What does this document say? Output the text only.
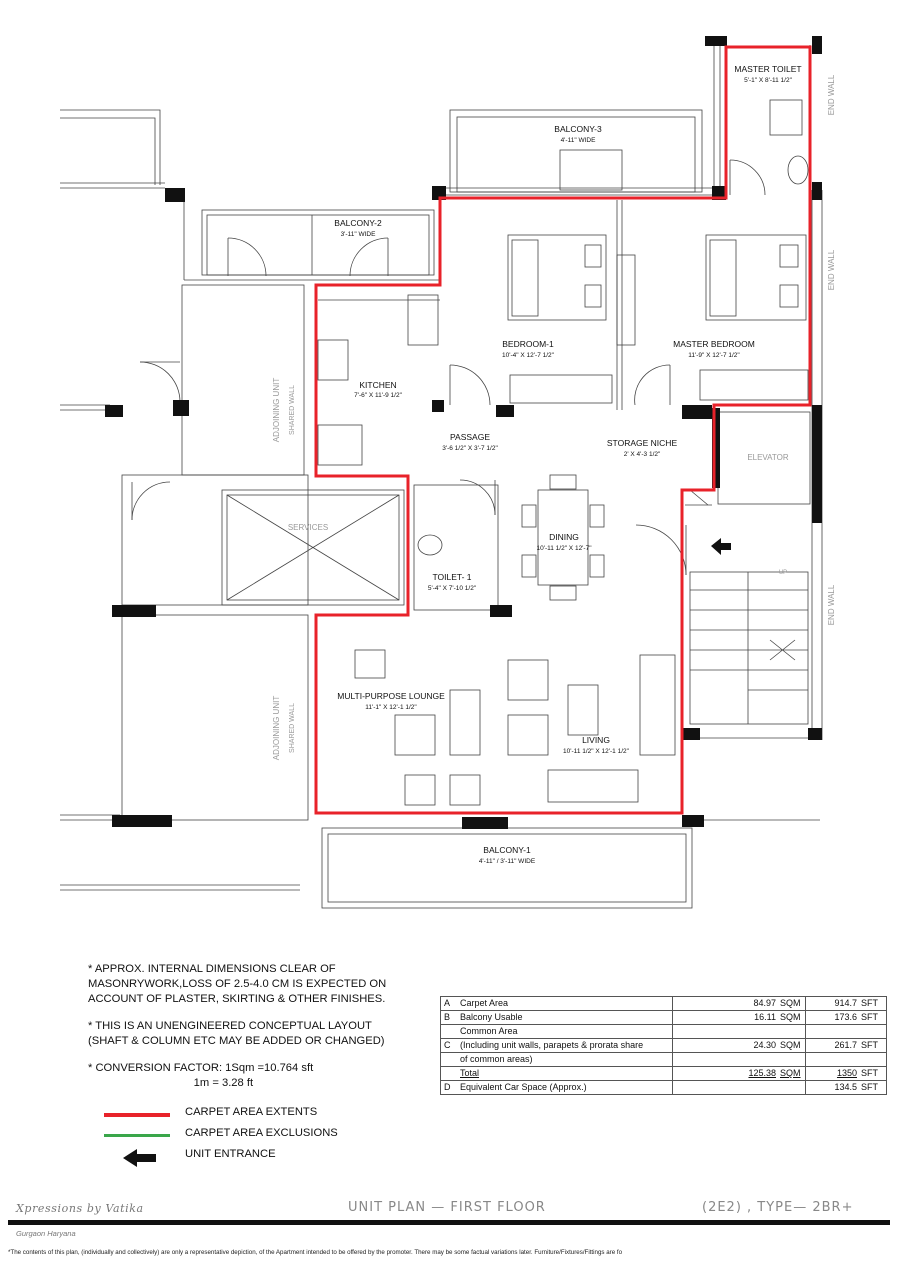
MASTER TOILET
5'-1" X 8'-11 1/2"
BALCONY-3
4'-11" WIDE
BALCONY-2
3'-11" WIDE
BEDROOM-1
10'-4" X 12'-7 1/2"
MASTER BEDROOM
11'-9" X 12'-7 1/2"
KITCHEN
7'-6" X 11'-9 1/2"
PASSAGE
3'-6 1/2" X 3'-7 1/2"
STORAGE NICHE
2' X 4'-3 1/2"
DINING
10'-11 1/2" X 12'-7"
TOILET- 1
5'-4" X 7'-10 1/2"
MULTI-PURPOSE LOUNGE
11'-1" X 12'-1 1/2"
LIVING
10'-11 1/2" X 12'-1 1/2"
BALCONY-1
4'-11" / 3'-11" WIDE
ELEVATOR
SERVICES
UP
END WALL
END WALL
END WALL
ADJOINING UNIT SHARED WALL
ADJOINING UNIT SHARED WALL

* APPROX. INTERNAL DIMENSIONS CLEAR OF
MASONRYWORK,LOSS OF 2.5-4.0 CM IS EXPECTED ON
ACCOUNT OF PLASTER, SKIRTING & OTHER FINISHES.

* THIS IS AN UNENGINEERED CONCEPTUAL LAYOUT
(SHAFT & COLUMN ETC MAY BE ADDED OR CHANGED)

* CONVERSION FACTOR: 1Sqm =10.764 sft
1m = 3.28 ft
CARPET AREA EXTENTS
CARPET AREA EXCLUSIONS
UNIT ENTRANCE
A	Carpet Area	84.97	SQM	914.7	SFT
B	Balcony Usable	16.11	SQM	173.6	SFT
	Common Area				
C	(Including unit walls, parapets & prorata share	24.30	SQM	261.7	SFT
	of common areas)				
	Total	125.38	SQM	1350	SFT
D	Equivalent Car Space (Approx.)			134.5	SFT
Xpressions by Vatika	UNIT PLAN — FIRST FLOOR	(2E2) , TYPE— 2BR+
Gurgaon Haryana
*The contents of this plan, (individually and collectively) are only a representative depiction, of the Apartment intended to be offered by the promoter. There may be some factual variations later. Furniture/Fixtures/Fittings are fo
